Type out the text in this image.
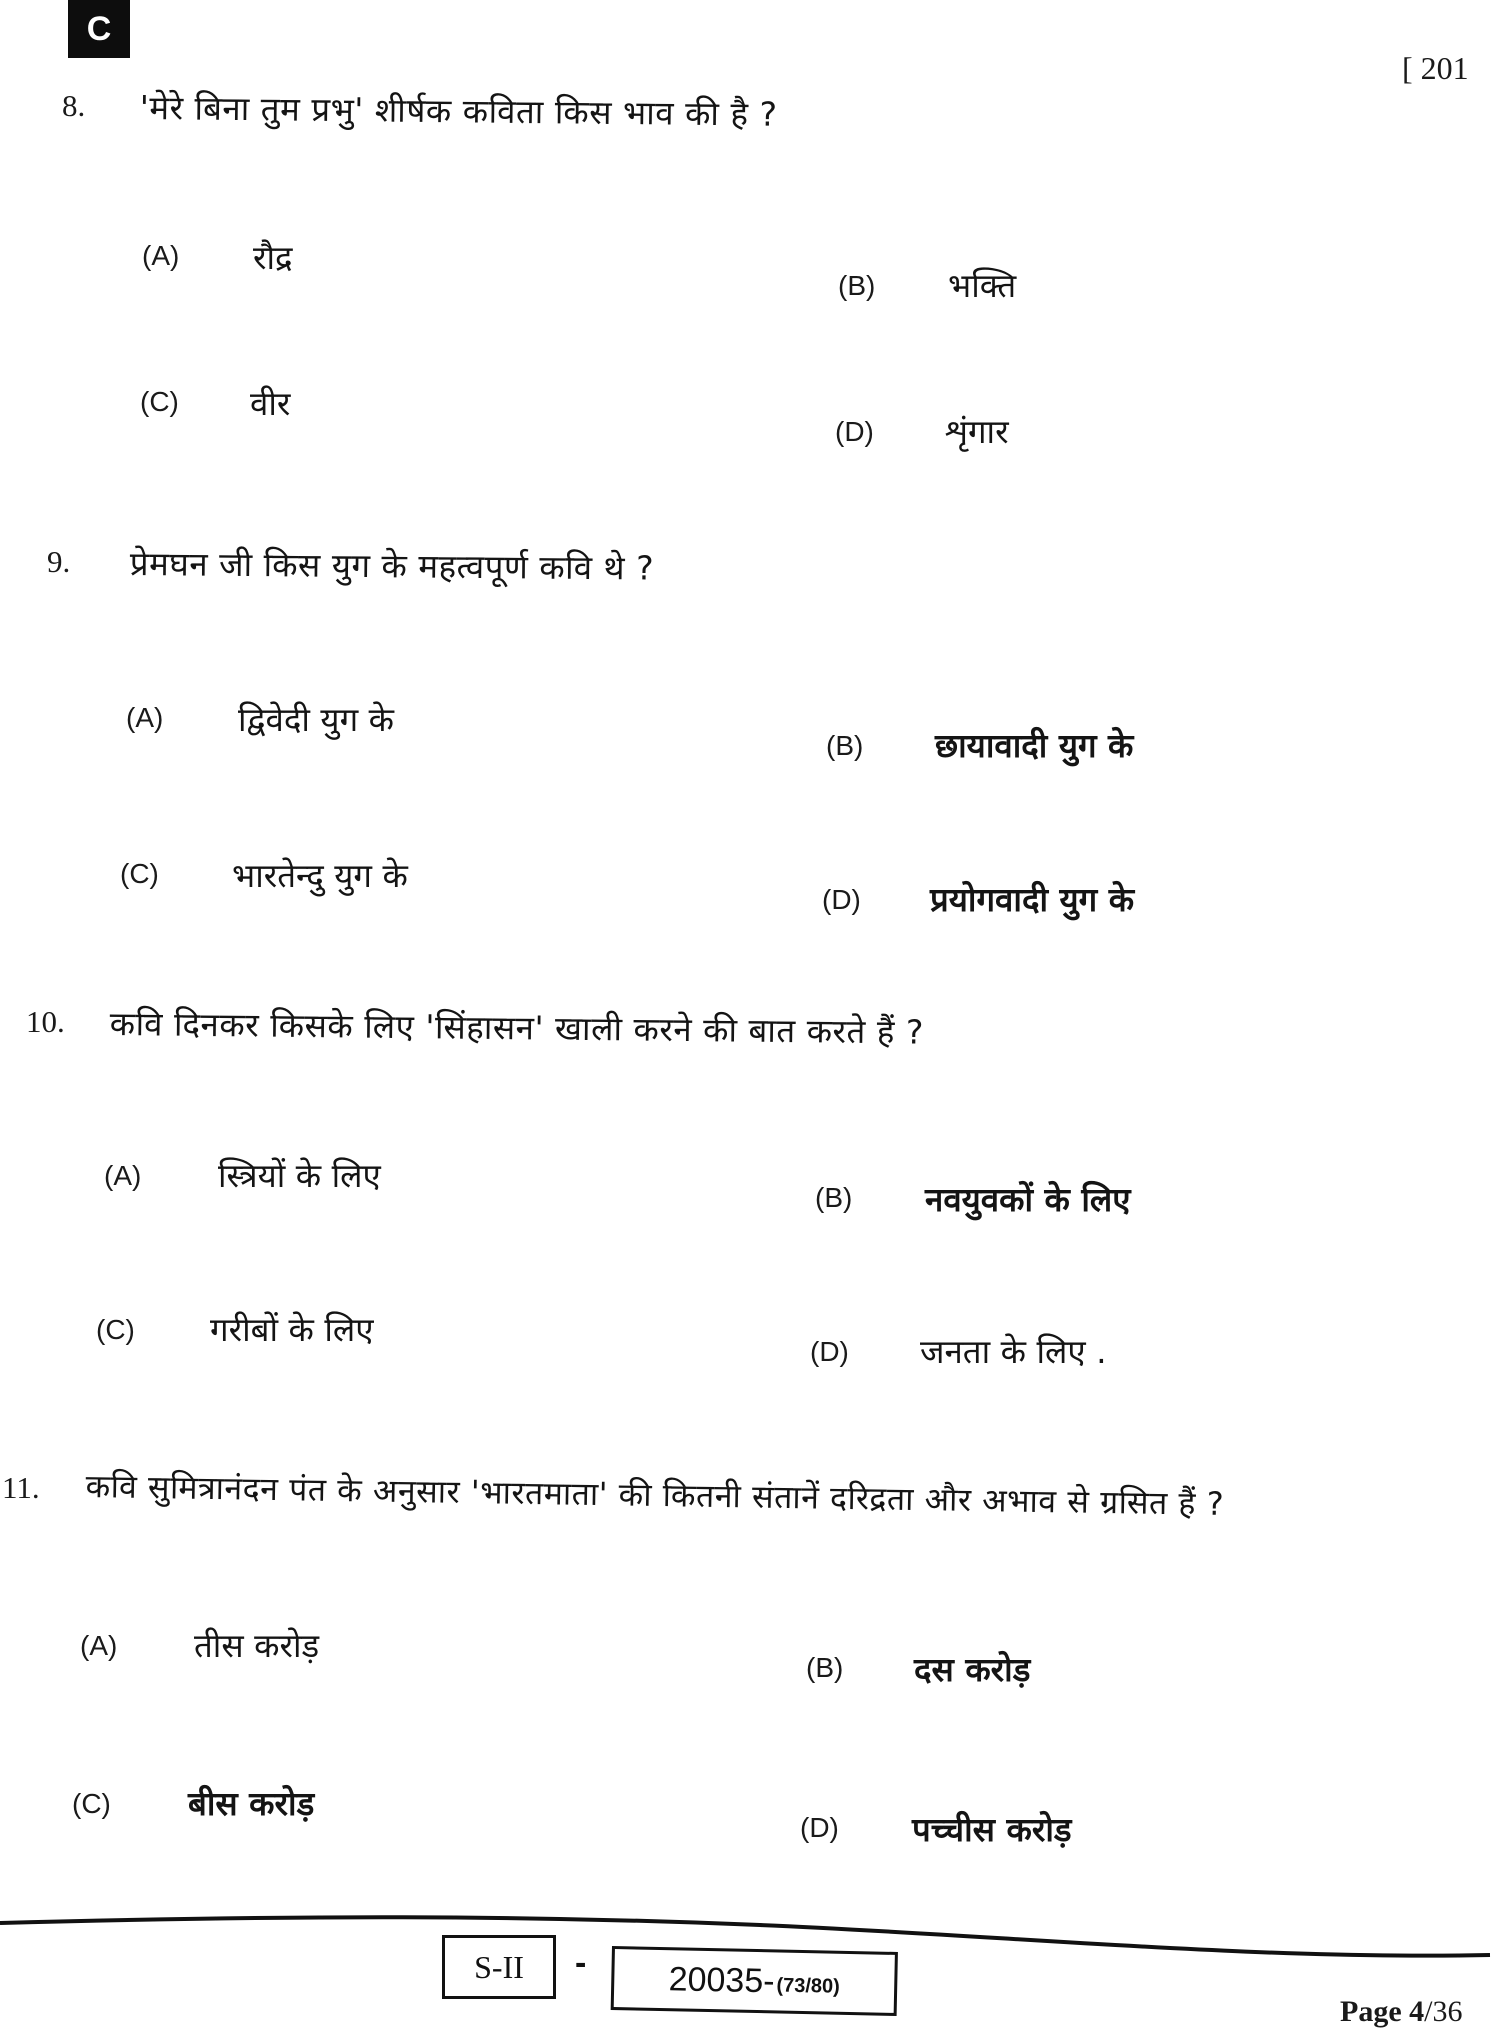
C
[ 201
8. 'मेरे बिना तुम प्रभु' शीर्षक कविता किस भाव की है ?
(A) रौद्र
(B) भक्ति
(C) वीर
(D) शृंगार
9. प्रेमघन जी किस युग के महत्वपूर्ण कवि थे ?
(A) द्विवेदी युग के
(B) छायावादी युग के
(C) भारतेन्दु युग के
(D) प्रयोगवादी युग के
10. कवि दिनकर किसके लिए 'सिंहासन' खाली करने की बात करते हैं ?
(A) स्त्रियों के लिए
(B) नवयुवकों के लिए
(C) गरीबों के लिए
(D) जनता के लिए .
11. कवि सुमित्रानंदन पंत के अनुसार 'भारतमाता' की कितनी संतानें दरिद्रता और अभाव से ग्रसित हैं ?
(A) तीस करोड़
(B) दस करोड़
(C) बीस करोड़
(D) पच्चीस करोड़
S-II - 20035- (73/80)
Page 4/36
